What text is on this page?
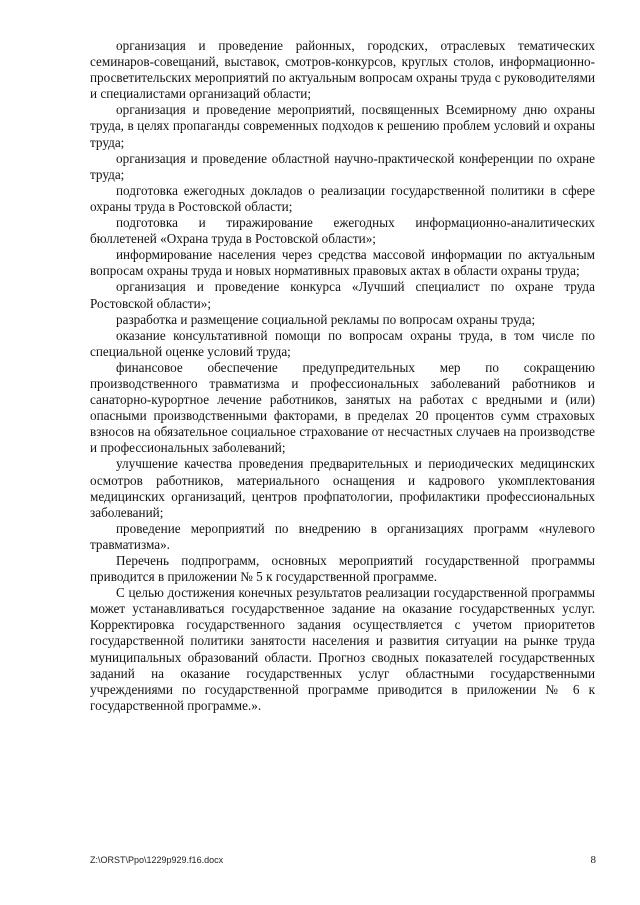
организация и проведение районных, городских, отраслевых тематических семинаров-совещаний, выставок, смотров-конкурсов, круглых столов, информационно-просветительских мероприятий по актуальным вопросам охраны труда с руководителями и специалистами организаций области;

организация и проведение мероприятий, посвященных Всемирному дню охраны труда, в целях пропаганды современных подходов к решению проблем условий и охраны труда;

организация и проведение областной научно-практической конференции по охране труда;

подготовка ежегодных докладов о реализации государственной политики в сфере охраны труда в Ростовской области;

подготовка и тиражирование ежегодных информационно-аналитических бюллетеней «Охрана труда в Ростовской области»;

информирование населения через средства массовой информации по актуальным вопросам охраны труда и новых нормативных правовых актах в области охраны труда;

организация и проведение конкурса «Лучший специалист по охране труда Ростовской области»;

разработка и размещение социальной рекламы по вопросам охраны труда;

оказание консультативной помощи по вопросам охраны труда, в том числе по специальной оценке условий труда;

финансовое обеспечение предупредительных мер по сокращению производственного травматизма и профессиональных заболеваний работников и санаторно-курортное лечение работников, занятых на работах с вредными и (или) опасными производственными факторами, в пределах 20 процентов сумм страховых взносов на обязательное социальное страхование от несчастных случаев на производстве и профессиональных заболеваний;

улучшение качества проведения предварительных и периодических медицинских осмотров работников, материального оснащения и кадрового укомплектования медицинских организаций, центров профпатологии, профилактики профессиональных заболеваний;

проведение мероприятий по внедрению в организациях программ «нулевого травматизма».

Перечень подпрограмм, основных мероприятий государственной программы приводится в приложении № 5 к государственной программе.

С целью достижения конечных результатов реализации государственной программы может устанавливаться государственное задание на оказание государственных услуг. Корректировка государственного задания осуществляется с учетом приоритетов государственной политики занятости населения и развития ситуации на рынке труда муниципальных образований области. Прогноз сводных показателей государственных заданий на оказание государственных услуг областными государственными учреждениями по государственной программе приводится в приложении № 6 к государственной программе.».

Z:\ORST\Ppo\1229p929.f16.docx	8
